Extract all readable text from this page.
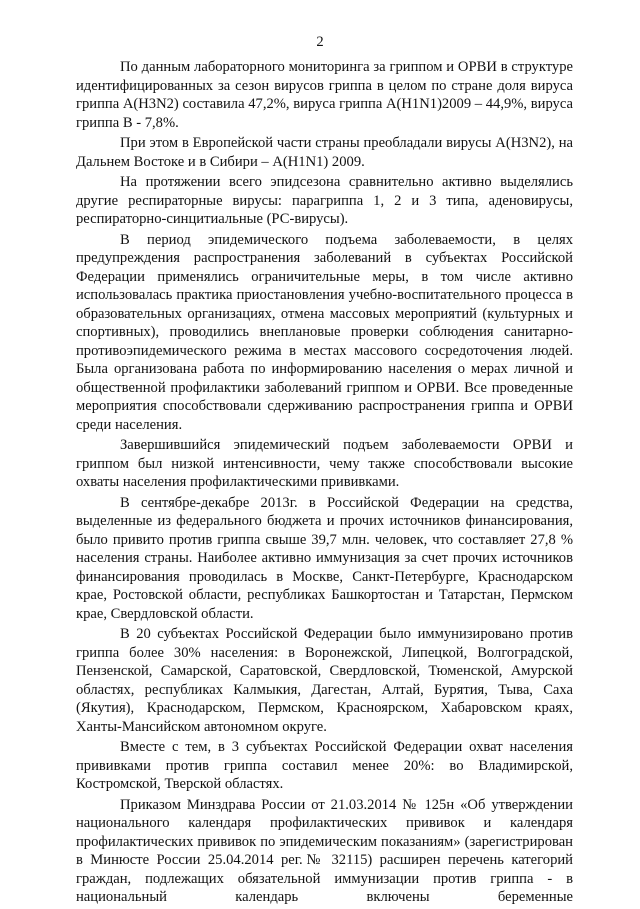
2

По данным лабораторного мониторинга за гриппом и ОРВИ в структуре идентифицированных за сезон вирусов гриппа в целом по стране доля вируса гриппа A(H3N2) составила 47,2%, вируса гриппа A(H1N1)2009 – 44,9%, вируса гриппа В - 7,8%.

При этом в Европейской части страны преобладали вирусы A(H3N2), на Дальнем Востоке и в Сибири – A(H1N1) 2009.

На протяжении всего эпидсезона сравнительно активно выделялись другие респираторные вирусы: парагриппа 1, 2 и 3 типа, аденовирусы, респираторно-синцитиальные (РС-вирусы).

В период эпидемического подъема заболеваемости, в целях предупреждения распространения заболеваний в субъектах Российской Федерации применялись ограничительные меры, в том числе активно использовалась практика приостановления учебно-воспитательного процесса в образовательных организациях, отмена массовых мероприятий (культурных и спортивных), проводились внеплановые проверки соблюдения санитарно-противоэпидемического режима в местах массового сосредоточения людей. Была организована работа по информированию населения о мерах личной и общественной профилактики заболеваний гриппом и ОРВИ. Все проведенные мероприятия способствовали сдерживанию распространения гриппа и ОРВИ среди населения.

Завершившийся эпидемический подъем заболеваемости ОРВИ и гриппом был низкой интенсивности, чему также способствовали высокие охваты населения профилактическими прививками.

В сентябре-декабре 2013г. в Российской Федерации на средства, выделенные из федерального бюджета и прочих источников финансирования, было привито против гриппа свыше 39,7 млн. человек, что составляет 27,8 % населения страны. Наиболее активно иммунизация за счет прочих источников финансирования проводилась в Москве, Санкт-Петербурге, Краснодарском крае, Ростовской области, республиках Башкортостан и Татарстан, Пермском крае, Свердловской области.

В 20 субъектах Российской Федерации было иммунизировано против гриппа более 30% населения: в Воронежской, Липецкой, Волгоградской, Пензенской, Самарской, Саратовской, Свердловской, Тюменской, Амурской областях, республиках Калмыкия, Дагестан, Алтай, Бурятия, Тыва, Саха (Якутия), Краснодарском, Пермском, Красноярском, Хабаровском краях, Ханты-Мансийском автономном округе.

Вместе с тем, в 3 субъектах Российской Федерации охват населения прививками против гриппа составил менее 20%: во Владимирской, Костромской, Тверской областях.

Приказом Минздрава России от 21.03.2014 № 125н «Об утверждении национального календаря профилактических прививок и календаря профилактических прививок по эпидемическим показаниям» (зарегистрирован в Минюсте России 25.04.2014 рег.№ 32115) расширен перечень категорий граждан, подлежащих обязательной иммунизации против гриппа - в национальный календарь включены беременные
